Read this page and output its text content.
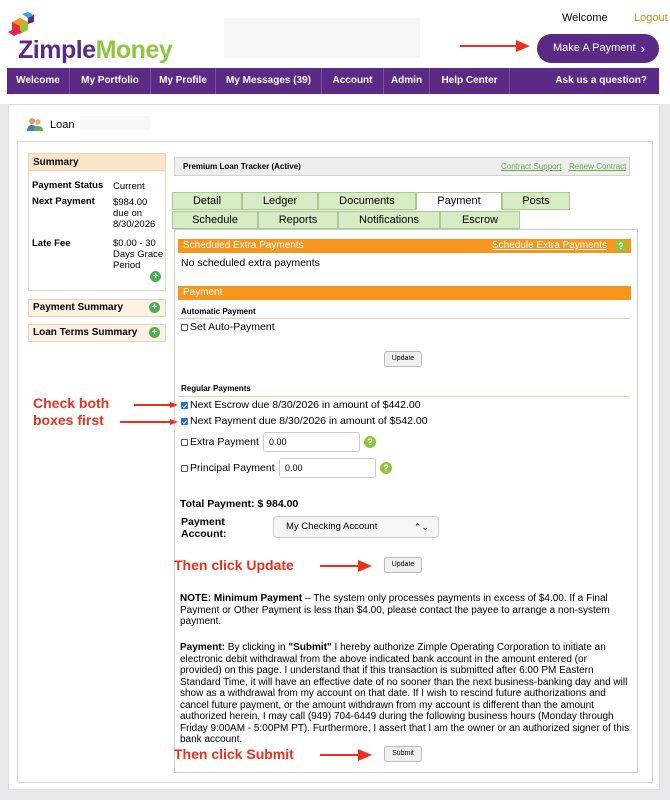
ZimpleMoney
Welcome Logout
Make A Payment ›
Welcome	My Portfolio	My Profile	My Messages (39)	Account	Admin	Help Center	Ask us a question?
Loan
Summary
Payment Status Current
Next Payment $984.00 due on 8/30/2026
Late Fee	$0.00 - 30 Days Grace Period
+
Payment Summary	+
Loan Terms Summary +
Premium Loan Tracker (Active)	Contract Support Renew Contract
Detail	Ledger	Documents	Payment	Posts
Schedule	Reports	Notifications	Escrow
Scheduled Extra Payments	Schedule Extra Payments	?
No scheduled extra payments
Payment
Automatic Payment
Set Auto-Payment
Update
Regular Payments
Next Escrow due 8/30/2026 in amount of $442.00
Next Payment due 8/30/2026 in amount of $542.00
Extra Payment	0.00	?
Principal Payment	0.00	?
Total Payment: $ 984.00
Payment
Account:
My Checking Account	⌃⌄
Update
NOTE: Minimum Payment – The system only processes payments in excess of $4.00. If a Final Payment or Other Payment is less than $4.00, please contact the payee to arrange a non-system payment.
Payment: By clicking in "Submit" I hereby authorize Zimple Operating Corporation to initiate an electronic debit withdrawal from the above indicated bank account in the amount entered (or provided) on this page. I understand that if this transaction is submitted after 6:00 PM Eastern Standard Time, it will have an effective date of no sooner than the next business-banking day and will show as a withdrawal from my account on that date. If I wish to rescind future authorizations and cancel future payment, or the amount withdrawn from my account is different than the amount authorized herein, I may call (949) 704-6449 during the following business hours (Monday through Friday 9:00AM - 5:00PM PT). Furthermore, I assert that I am the owner or an authorized signer of this bank account.
Submit
Check both
boxes first
Then click Update
Then click Submit
